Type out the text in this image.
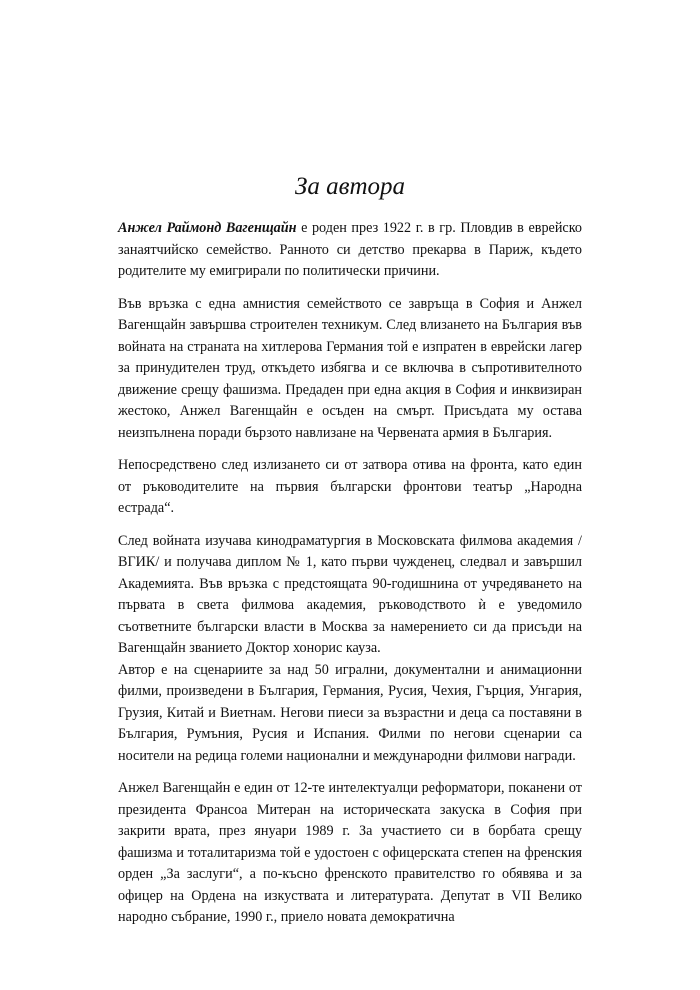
За автора

Анжел Раймонд Вагенщайн е роден през 1922 г. в гр. Пловдив в еврейско занаятчийско семейство. Ранното си детство прекарва в Париж, където родителите му емигрирали по политически причини.

Във връзка с една амнистия семейството се завръща в София и Анжел Вагенщайн завършва строителен техникум. След влизането на България във войната на страната на хитлерова Германия той е изпратен в еврейски лагер за принудителен труд, откъдето избягва и се включва в съпротивителното движение срещу фашизма. Предаден при една акция в София и инквизиран жестоко, Анжел Вагенщайн е осъден на смърт. Присъдата му остава неизпълнена поради бързото навлизане на Червената армия в България.

Непосредствено след излизането си от затвора отива на фронта, като един от ръководителите на първия български фронтови театър „Народна естрада“.

След войната изучава кинодраматургия в Московската филмова академия /ВГИК/ и получава диплом № 1, като първи чужденец, следвал и завършил Академията. Във връзка с предстоящата 90-годишнина от учредяването на първата в света филмова академия, ръководството ѝ е уведомило съответните български власти в Москва за намерението си да присъди на Вагенщайн званието Доктор хонорис кауза.

Автор е на сценариите за над 50 игрални, документални и анимационни филми, произведени в България, Германия, Русия, Чехия, Гърция, Унгария, Грузия, Китай и Виетнам. Негови пиеси за възрастни и деца са поставяни в България, Румъния, Русия и Испания. Филми по негови сценарии са носители на редица големи национални и международни филмови награди.

Анжел Вагенщайн е един от 12-те интелектуалци реформатори, поканени от президента Франсоа Митеран на историческата закуска в София при закрити врата, през януари 1989 г. За участието си в борбата срещу фашизма и тоталитаризма той е удостоен с офицерската степен на френския орден „За заслуги“, а по-късно френското правителство го обявява и за офицер на Ордена на изкуствата и литературата. Депутат в VII Велико народно събрание, 1990 г., приело новата демократична
